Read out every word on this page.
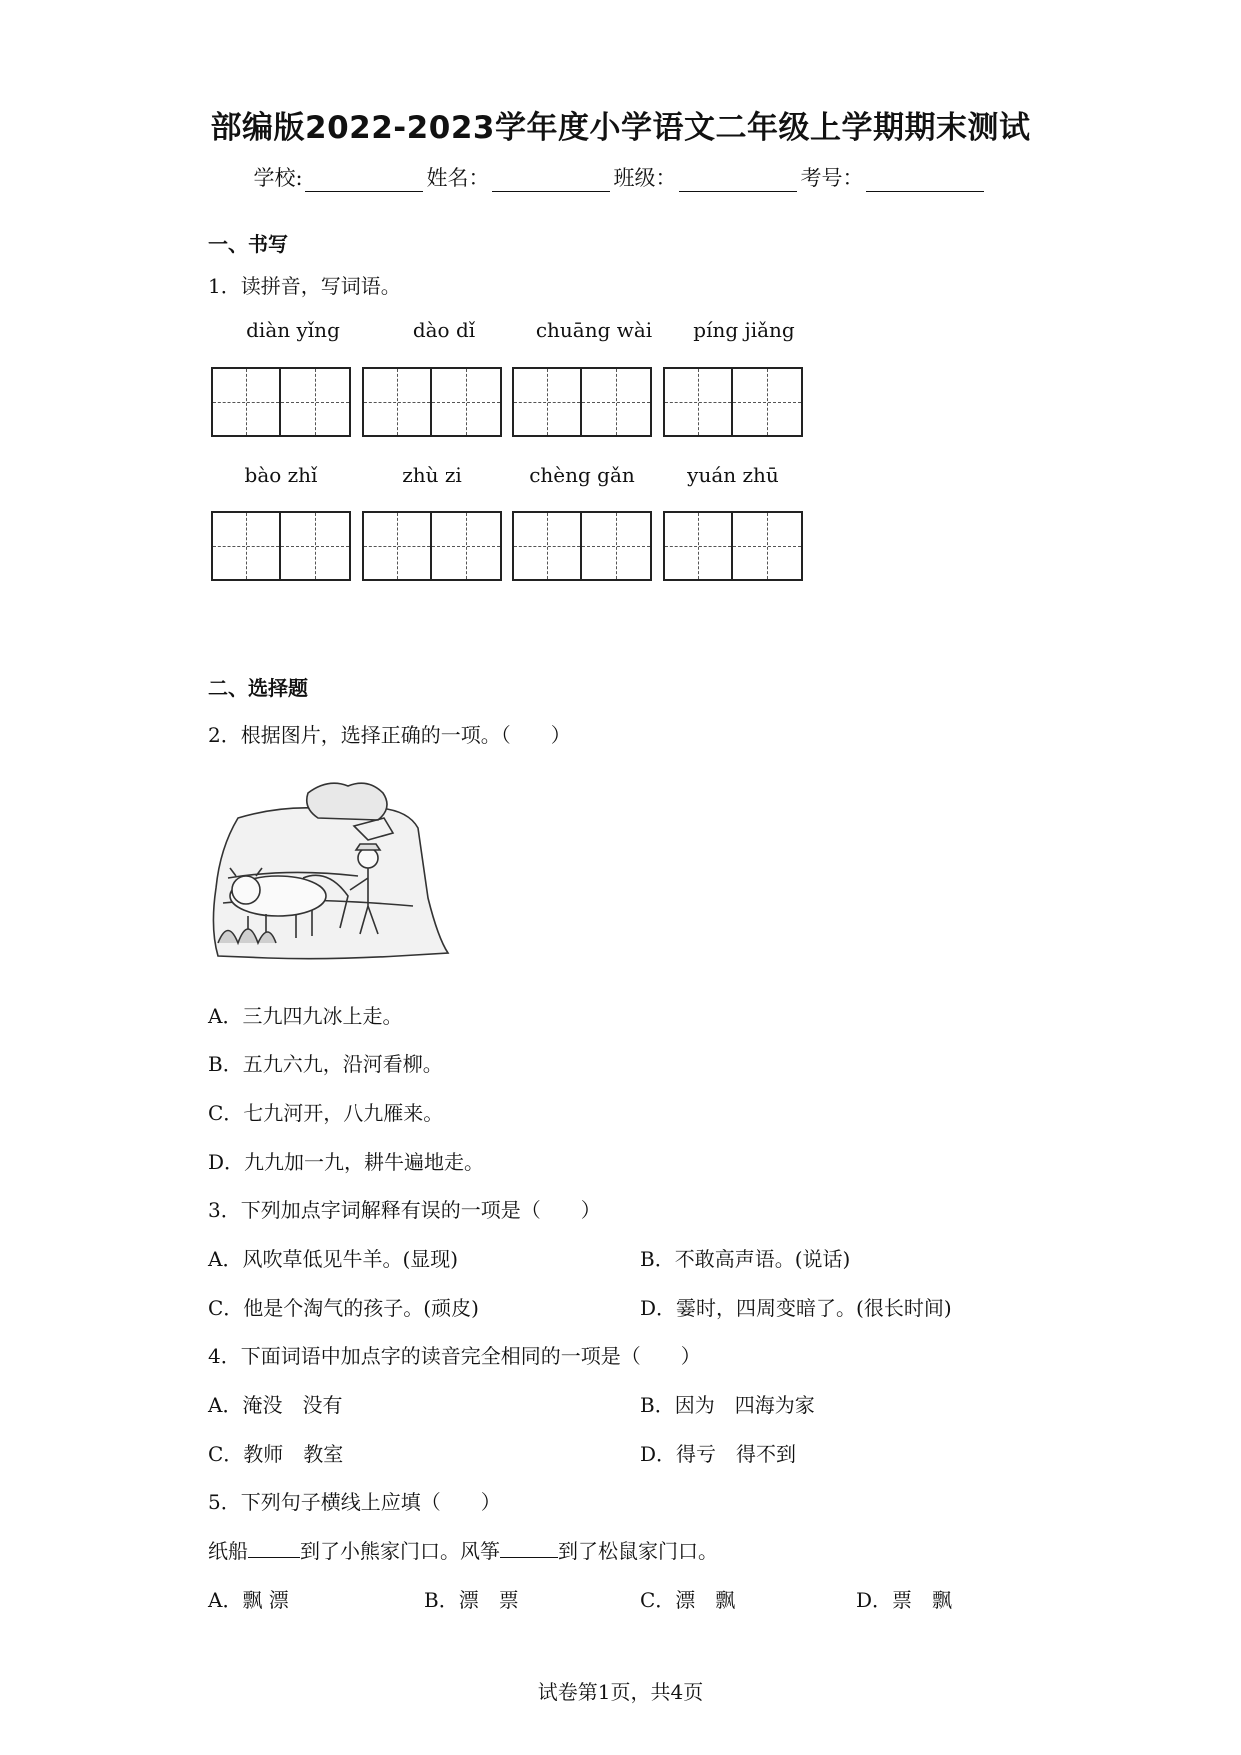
部编版2022-2023学年度小学语文二年级上学期期末测试
学校:	姓名：	班级：	考号：
一、书写
1．读拼音，写词语。
diàn yǐng	dào dǐ	chuāng wài	píng jiǎng
bào zhǐ	zhù zi	chèng gǎn	yuán zhū
二、选择题
2．根据图片，选择正确的一项。（　　）
A．三九四九冰上走。
B．五九六九，沿河看柳。
C．七九河开，八九雁来。
D．九九加一九，耕牛遍地走。
3．下列加点字词解释有误的一项是（　　）
A．风吹草低见牛羊。(显现)	B．不敢高声语。(说话)
C．他是个淘气的孩子。(顽皮)	D．霎时，四周变暗了。(很长时间)
4．下面词语中加点字的读音完全相同的一项是（　　）
A．淹没　没有	B．因为　四海为家
C．教师　教室	D．得亏　得不到
5．下列句子横线上应填（　　）
纸船	到了小熊家门口。风筝	到了松鼠家门口。
A．飘 漂	B．漂　票	C．漂　飘	D．票　飘
试卷第1页，共4页
